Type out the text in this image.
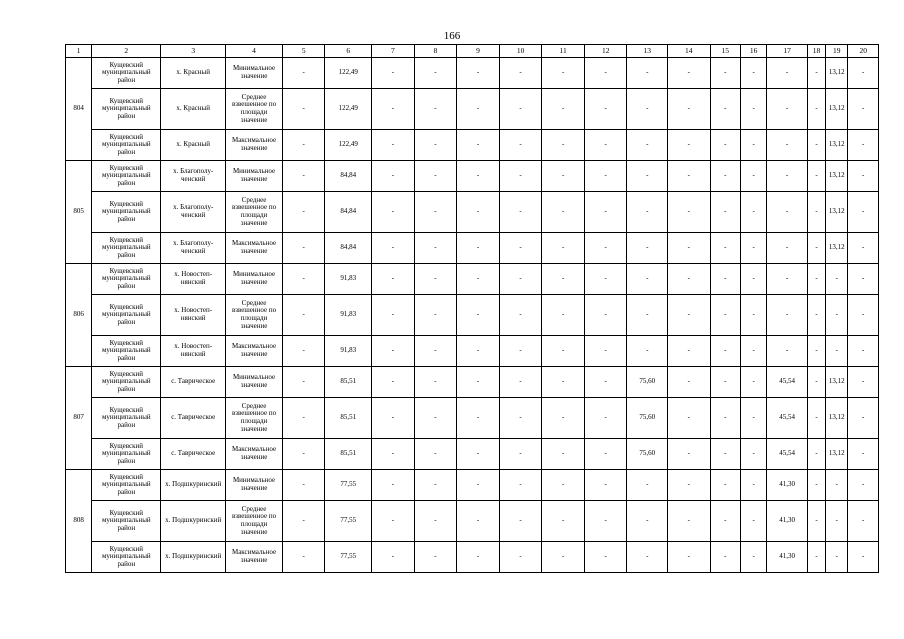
166
1	2	3	4	5	6	7	8	9	10	11	12	13	14	15	16	17	18	19	20
804	Кущевский муниципальный район	х. Красный	Минимальное значение	-	122,49	-	-	-	-	-	-	-	-	-	-	-	-	13,12	-
	Кущевский муниципальный район	х. Красный	Среднее взвешенное по площади значение	-	122,49	-	-	-	-	-	-	-	-	-	-	-	-	13,12	-
	Кущевский муниципальный район	х. Красный	Максимальное значение	-	122,49	-	-	-	-	-	-	-	-	-	-	-	-	13,12	-
805	Кущевский муниципальный район	х. Благополу-ченский	Минимальное значение	-	84,84	-	-	-	-	-	-	-	-	-	-	-	-	13,12	-
	Кущевский муниципальный район	х. Благополу-ченский	Среднее взвешенное по площади значение	-	84,84	-	-	-	-	-	-	-	-	-	-	-	-	13,12	-
	Кущевский муниципальный район	х. Благополу-ченский	Максимальное значение	-	84,84	-	-	-	-	-	-	-	-	-	-	-	-	13,12	-
806	Кущевский муниципальный район	х. Новостеп-нянский	Минимальное значение	-	91,83	-	-	-	-	-	-	-	-	-	-	-	-	-	-
	Кущевский муниципальный район	х. Новостеп-нянский	Среднее взвешенное по площади значение	-	91,83	-	-	-	-	-	-	-	-	-	-	-	-	-	-
	Кущевский муниципальный район	х. Новостеп-нянский	Максимальное значение	-	91,83	-	-	-	-	-	-	-	-	-	-	-	-	-	-
807	Кущевский муниципальный район	с. Таврическое	Минимальное значение	-	85,51	-	-	-	-	-	-	75,60	-	-	-	45,54	-	13,12	-
	Кущевский муниципальный район	с. Таврическое	Среднее взвешенное по площади значение	-	85,51	-	-	-	-	-	-	75,60	-	-	-	45,54	-	13,12	-
	Кущевский муниципальный район	с. Таврическое	Максимальное значение	-	85,51	-	-	-	-	-	-	75,60	-	-	-	45,54	-	13,12	-
808	Кущевский муниципальный район	х. Подшкуринский	Минимальное значение	-	77,55	-	-	-	-	-	-	-	-	-	-	41,30	-	-	-
	Кущевский муниципальный район	х. Подшкуринский	Среднее взвешенное по площади значение	-	77,55	-	-	-	-	-	-	-	-	-	-	41,30	-	-	-
	Кущевский муниципальный район	х. Подшкуринский	Максимальное значение	-	77,55	-	-	-	-	-	-	-	-	-	-	41,30	-	-	-
